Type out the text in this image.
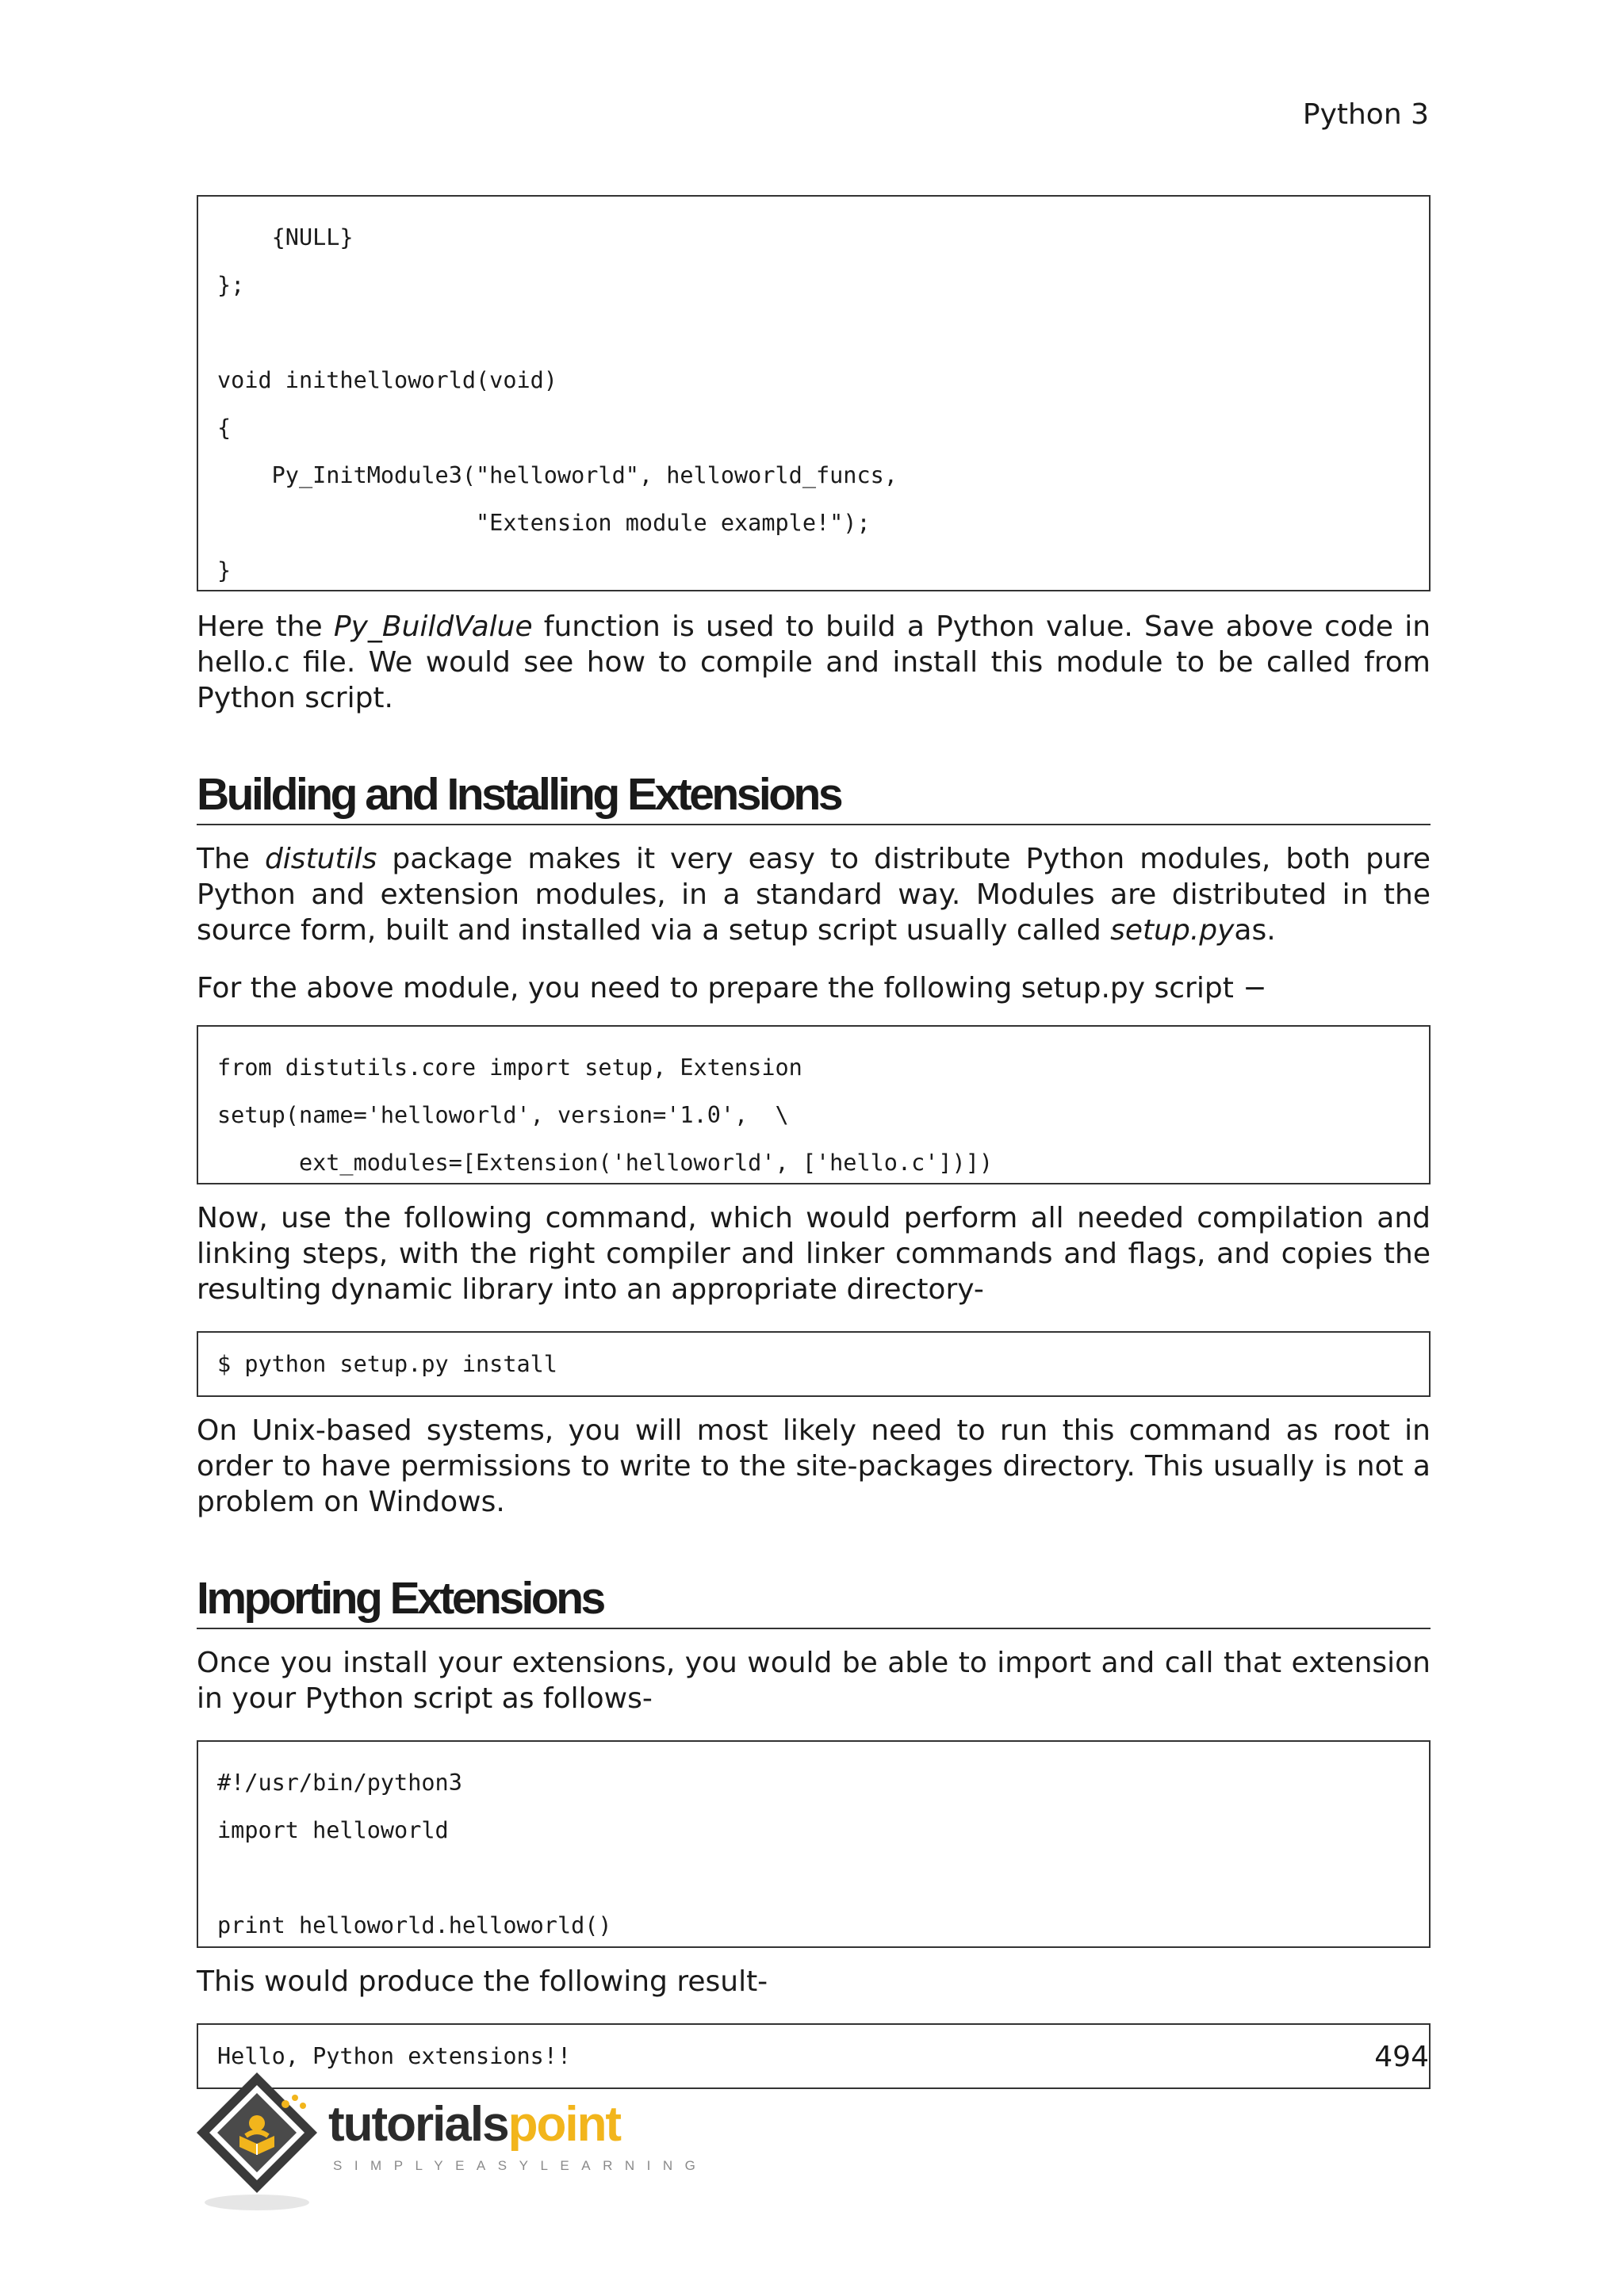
Python 3
{NULL}
};
void inithelloworld(void)
{
Py_InitModule3("helloworld", helloworld_funcs,
"Extension module example!");
}

Here the Py_BuildValue function is used to build a Python value. Save above code in hello.c file. We would see how to compile and install this module to be called from Python script.

Building and Installing Extensions

The distutils package makes it very easy to distribute Python modules, both pure Python and extension modules, in a standard way. Modules are distributed in the source form, built and installed via a setup script usually called setup.pyas.

For the above module, you need to prepare the following setup.py script −

from distutils.core import setup, Extension
setup(name='helloworld', version='1.0',  \
ext_modules=[Extension('helloworld', ['hello.c'])])

Now, use the following command, which would perform all needed compilation and linking steps, with the right compiler and linker commands and flags, and copies the resulting dynamic library into an appropriate directory-

$ python setup.py install

On Unix-based systems, you will most likely need to run this command as root in order to have permissions to write to the site-packages directory. This usually is not a problem on Windows.

Importing Extensions

Once you install your extensions, you would be able to import and call that extension in your Python script as follows-

#!/usr/bin/python3
import helloworld
print helloworld.helloworld()

This would produce the following result-

Hello, Python extensions!!	494
tutorialspoint
SIMPLYEASYLEARNING
